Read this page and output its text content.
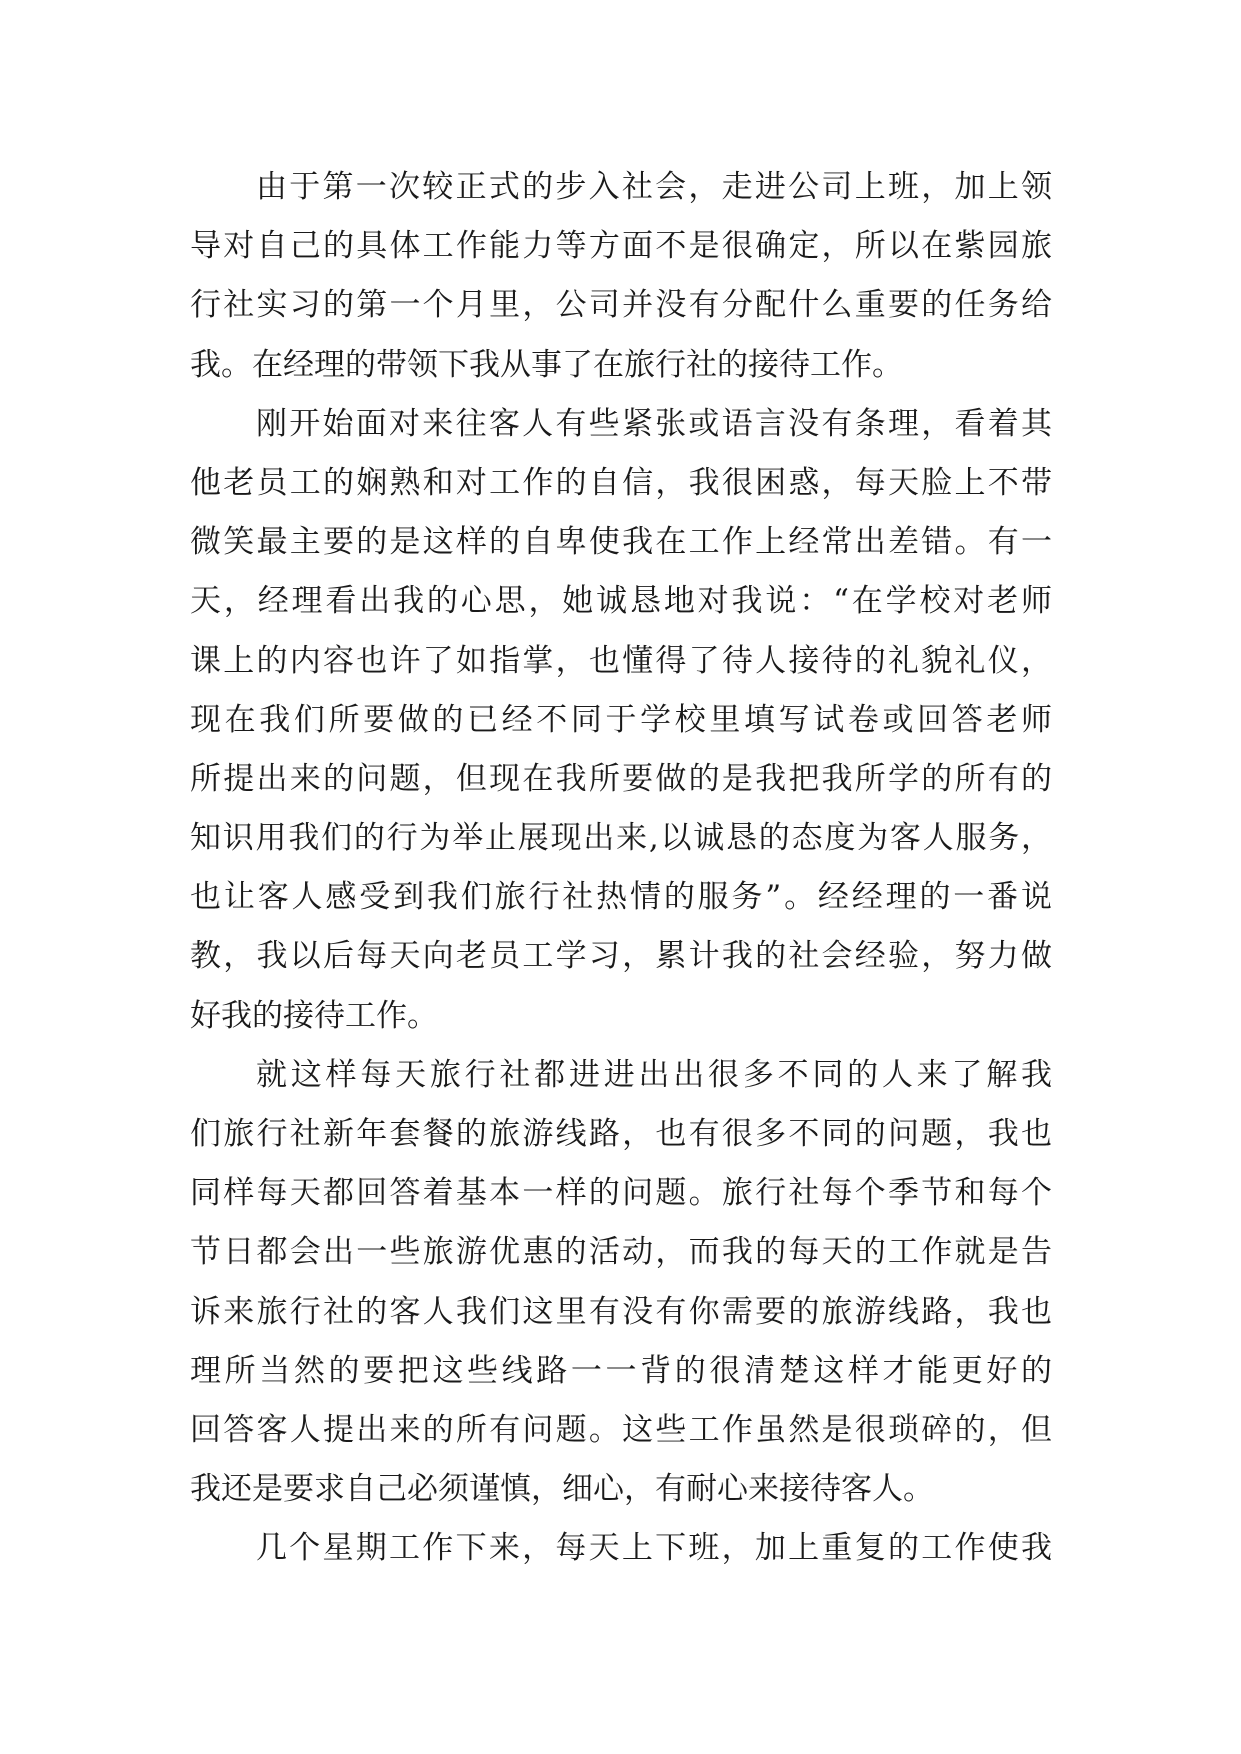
由于第一次较正式的步入社会，走进公司上班，加上领
导对自己的具体工作能力等方面不是很确定，所以在紫园旅
行社实习的第一个月里，公司并没有分配什么重要的任务给
我。在经理的带领下我从事了在旅行社的接待工作。
刚开始面对来往客人有些紧张或语言没有条理，看着其
他老员工的娴熟和对工作的自信，我很困惑，每天脸上不带
微笑最主要的是这样的自卑使我在工作上经常出差错。有一
天，经理看出我的心思，她诚恳地对我说：“在学校对老师
课上的内容也许了如指掌，也懂得了待人接待的礼貌礼仪，
现在我们所要做的已经不同于学校里填写试卷或回答老师
所提出来的问题，但现在我所要做的是我把我所学的所有的
知识用我们的行为举止展现出来,以诚恳的态度为客人服务，
也让客人感受到我们旅行社热情的服务”。经经理的一番说
教，我以后每天向老员工学习，累计我的社会经验，努力做
好我的接待工作。
就这样每天旅行社都进进出出很多不同的人来了解我
们旅行社新年套餐的旅游线路，也有很多不同的问题，我也
同样每天都回答着基本一样的问题。旅行社每个季节和每个
节日都会出一些旅游优惠的活动，而我的每天的工作就是告
诉来旅行社的客人我们这里有没有你需要的旅游线路，我也
理所当然的要把这些线路一一背的很清楚这样才能更好的
回答客人提出来的所有问题。这些工作虽然是很琐碎的，但
我还是要求自己必须谨慎，细心，有耐心来接待客人。
几个星期工作下来，每天上下班，加上重复的工作使我
